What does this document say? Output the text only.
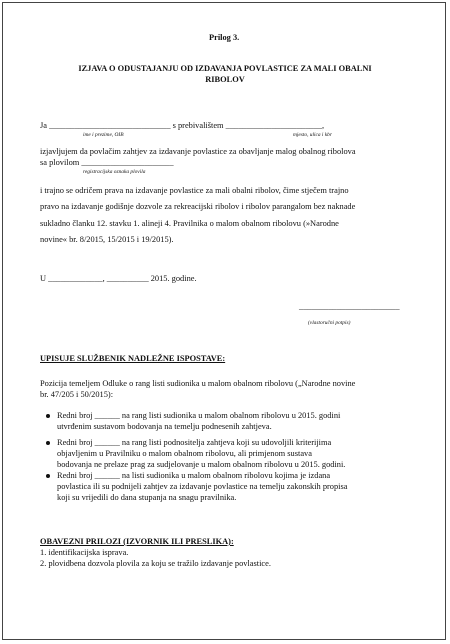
Prilog 3.
IZJAVA O ODUSTAJANJU OD IZDAVANJA POVLASTICE ZA MALI OBALNI
RIBOLOV
Ja _____________________________ s prebivalištem _______________________,
ime i prezime, OIB	mjesto, ulica i kbr
izjavljujem da povlačim zahtjev za izdavanje povlastice za obavljanje malog obalnog ribolova
sa plovilom ______________________
registracijska oznaka plovila
i trajno se odričem prava na izdavanje povlastice za mali obalni ribolov, čime stječem trajno
pravo na izdavanje godišnje dozvole za rekreacijski ribolov i ribolov parangalom bez naknade
sukladno članku 12. stavku 1. alineji 4. Pravilnika o malom obalnom ribolovu (»Narodne
novine« br. 8/2015, 15/2015 i 19/2015).
U _____________, __________ 2015. godine.
________________________
(vlastoručni potpis)
UPISUJE SLUŽBENIK NADLEŽNE ISPOSTAVE:
Pozicija temeljem Odluke o rang listi sudionika u malom obalnom ribolovu („Narodne novine
br. 47/205 i 50/2015):
Redni broj ______ na rang listi sudionika u malom obalnom ribolovu u 2015. godini
utvrđenim sustavom bodovanja na temelju podnesenih zahtjeva.
Redni broj ______ na rang listi podnositelja zahtjeva koji su udovoljili kriterijima
objavljenim u Pravilniku o malom obalnom ribolovu, ali primjenom sustava
bodovanja ne prelaze prag za sudjelovanje u malom obalnom ribolovu u 2015. godini.
Redni broj ______ na listi sudionika u malom obalnom ribolovu kojima je izdana
povlastica ili su podnijeli zahtjev za izdavanje povlastice na temelju zakonskih propisa
koji su vrijedili do dana stupanja na snagu pravilnika.
OBAVEZNI PRILOZI (IZVORNIK ILI PRESLIKA):
1. identifikacijska isprava.
2. plovidbena dozvola plovila za koju se tražilo izdavanje povlastice.
